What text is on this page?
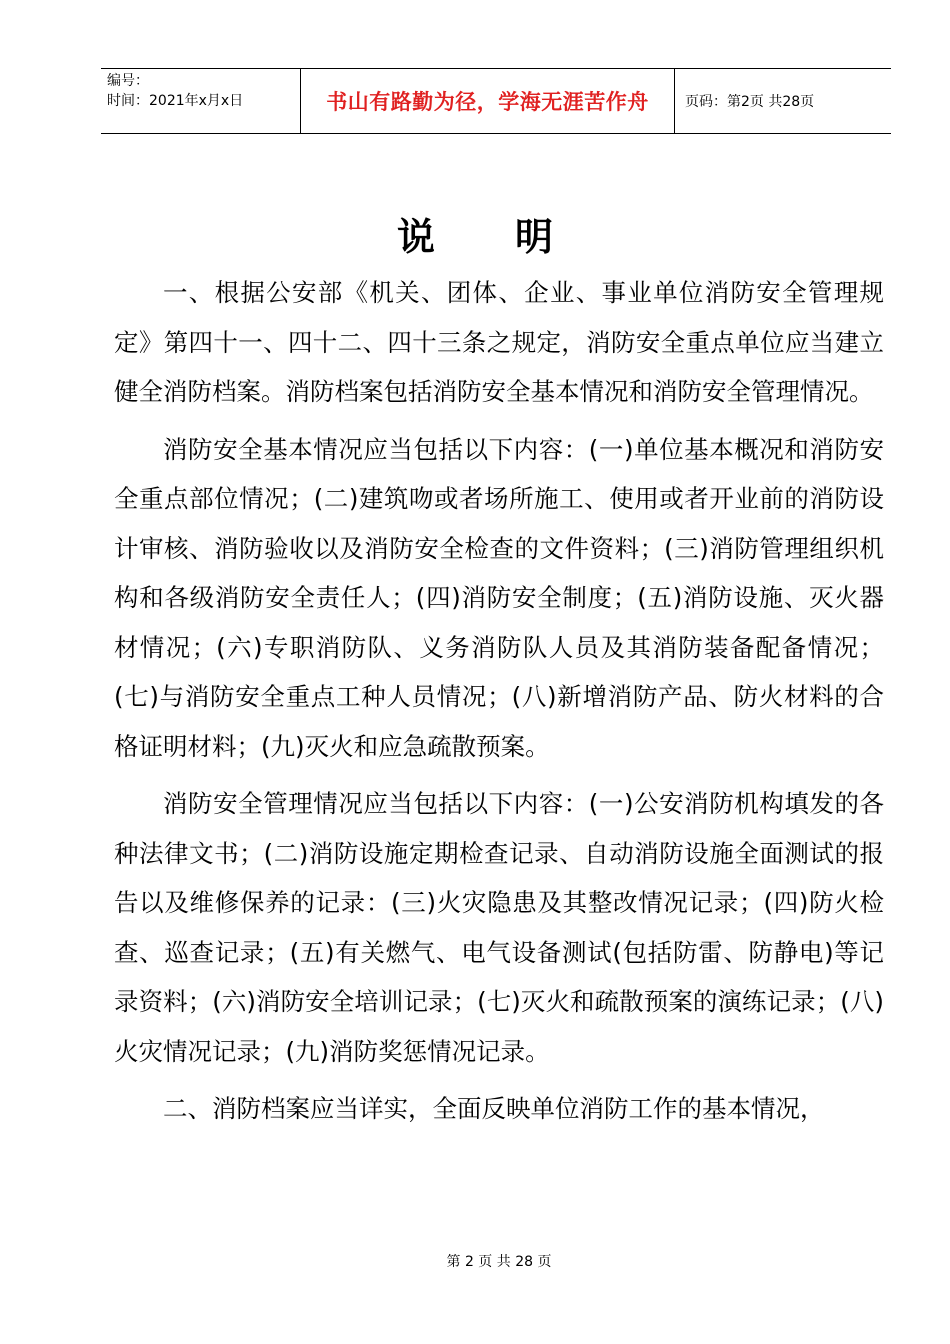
编号：
时间：2021年x月x日	书山有路勤为径，学海无涯苦作舟	页码：第2页 共28页
说明

一、根据公安部《机关、团体、企业、事业单位消防安全管理规定》第四十一、四十二、四十三条之规定，消防安全重点单位应当建立健全消防档案。消防档案包括消防安全基本情况和消防安全管理情况。

消防安全基本情况应当包括以下内容：(一)单位基本概况和消防安全重点部位情况；(二)建筑吻或者场所施工、使用或者开业前的消防设计审核、消防验收以及消防安全检查的文件资料；(三)消防管理组织机构和各级消防安全责任人；(四)消防安全制度；(五)消防设施、灭火器材情况；(六)专职消防队、义务消防队人员及其消防装备配备情况；(七)与消防安全重点工种人员情况；(八)新增消防产品、防火材料的合格证明材料；(九)灭火和应急疏散预案。

消防安全管理情况应当包括以下内容：(一)公安消防机构填发的各种法律文书；(二)消防设施定期检查记录、自动消防设施全面测试的报告以及维修保养的记录：(三)火灾隐患及其整改情况记录；(四)防火检查、巡查记录；(五)有关燃气、电气设备测试(包括防雷、防静电)等记录资料；(六)消防安全培训记录；(七)灭火和疏散预案的演练记录；(八)火灾情况记录；(九)消防奖惩情况记录。

二、消防档案应当详实，全面反映单位消防工作的基本情况，

第 2 页 共 28 页
